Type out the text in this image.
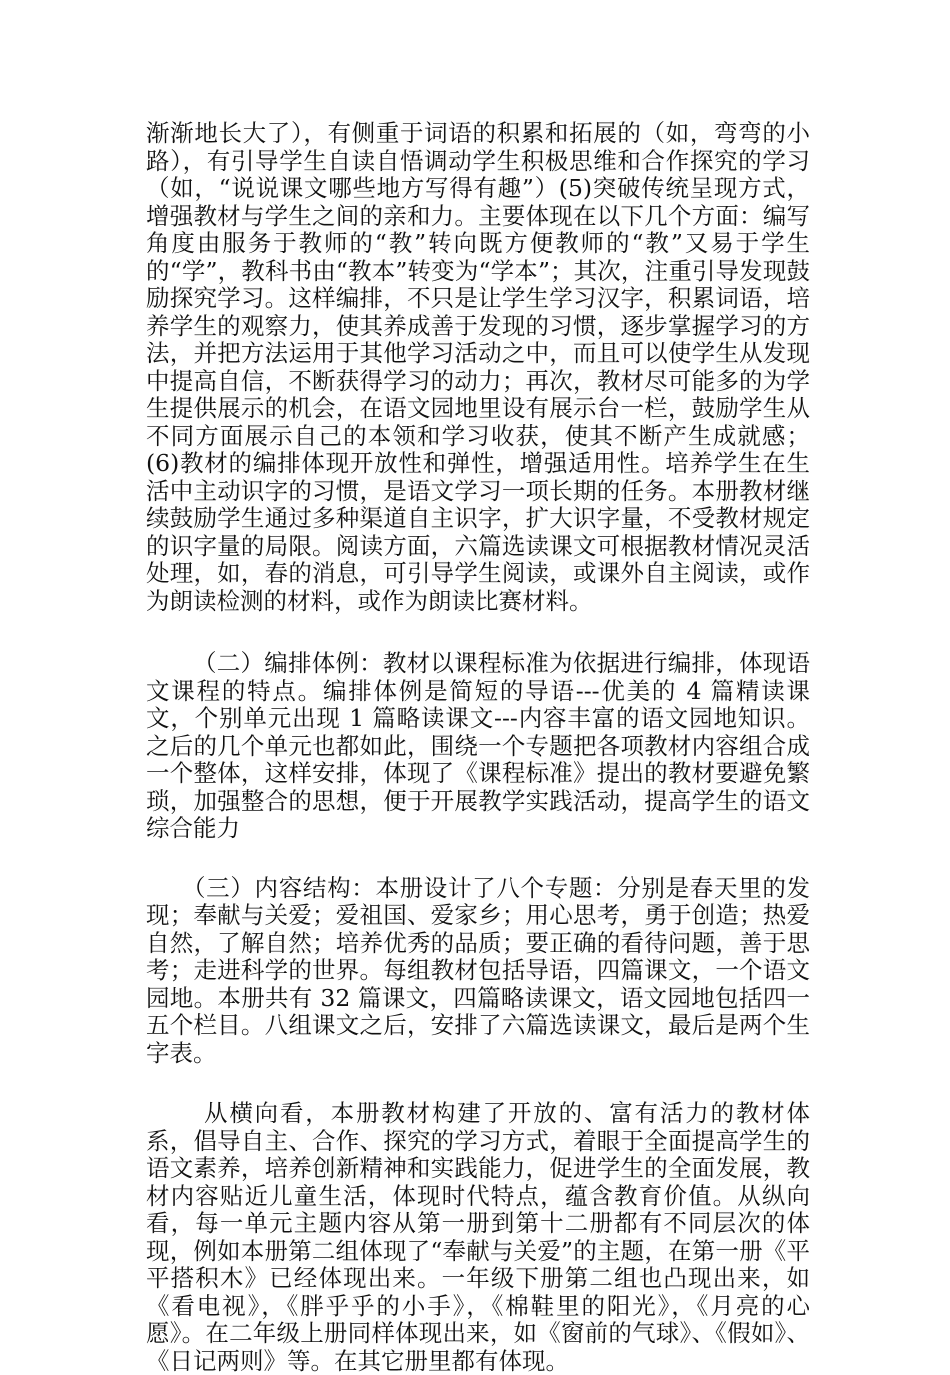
渐渐地长大了），有侧重于词语的积累和拓展的（如，弯弯的小路），有引导学生自读自悟调动学生积极思维和合作探究的学习（如，“说说课文哪些地方写得有趣”）(5)突破传统呈现方式，增强教材与学生之间的亲和力。主要体现在以下几个方面：编写角度由服务于教师的“教”转向既方便教师的“教”又易于学生的“学”，教科书由“教本”转变为“学本”；其次，注重引导发现鼓励探究学习。这样编排，不只是让学生学习汉字，积累词语，培养学生的观察力，使其养成善于发现的习惯，逐步掌握学习的方法，并把方法运用于其他学习活动之中，而且可以使学生从发现中提高自信，不断获得学习的动力；再次，教材尽可能多的为学生提供展示的机会，在语文园地里设有展示台一栏，鼓励学生从不同方面展示自己的本领和学习收获，使其不断产生成就感；(6)教材的编排体现开放性和弹性，增强适用性。培养学生在生活中主动识字的习惯，是语文学习一项长期的任务。本册教材继续鼓励学生通过多种渠道自主识字，扩大识字量，不受教材规定的识字量的局限。阅读方面，六篇选读课文可根据教材情况灵活处理，如，春的消息，可引导学生阅读，或课外自主阅读，或作为朗读检测的材料，或作为朗读比赛材料。

（二）编排体例：教材以课程标准为依据进行编排，体现语文课程的特点。编排体例是简短的导语---优美的 4 篇精读课文，个别单元出现 1 篇略读课文---内容丰富的语文园地知识。之后的几个单元也都如此，围绕一个专题把各项教材内容组合成一个整体，这样安排，体现了《课程标准》提出的教材要避免繁琐，加强整合的思想，便于开展教学实践活动，提高学生的语文综合能力

（三）内容结构：本册设计了八个专题：分别是春天里的发现；奉献与关爱；爱祖国、爱家乡；用心思考，勇于创造；热爱自然，了解自然；培养优秀的品质；要正确的看待问题，善于思考；走进科学的世界。每组教材包括导语，四篇课文，一个语文园地。本册共有 32 篇课文，四篇略读课文，语文园地包括四一五个栏目。八组课文之后，安排了六篇选读课文，最后是两个生字表。

从横向看，本册教材构建了开放的、富有活力的教材体系，倡导自主、合作、探究的学习方式，着眼于全面提高学生的语文素养，培养创新精神和实践能力，促进学生的全面发展，教材内容贴近儿童生活，体现时代特点，蕴含教育价值。从纵向看，每一单元主题内容从第一册到第十二册都有不同层次的体现，例如本册第二组体现了“奉献与关爱”的主题，在第一册《平平搭积木》已经体现出来。一年级下册第二组也凸现出来，如《看电视》，《胖乎乎的小手》，《棉鞋里的阳光》，《月亮的心愿》。在二年级上册同样体现出来，如《窗前的气球》、《假如》、《日记两则》等。在其它册里都有体现。
